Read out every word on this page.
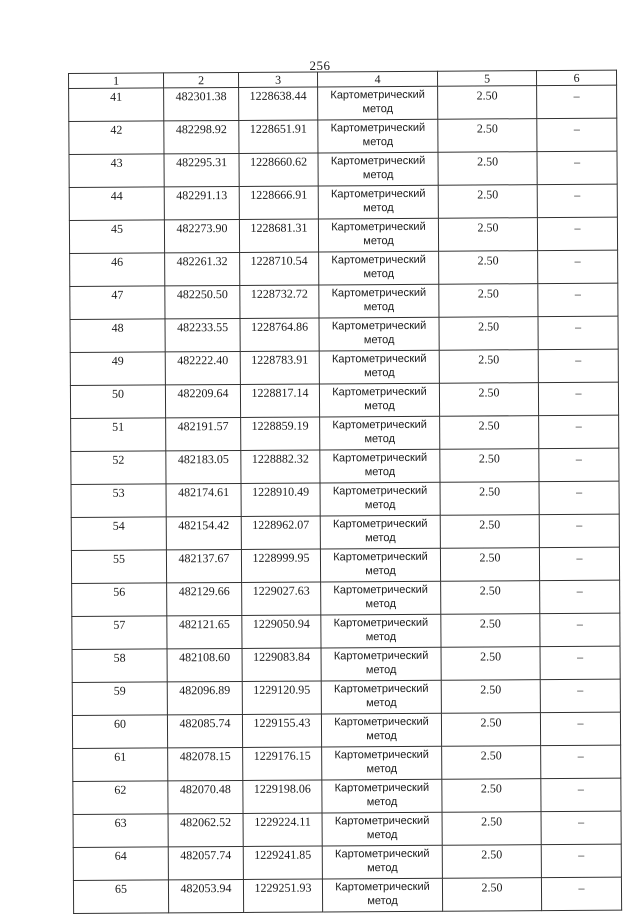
256
1	2	3	4	5	6
41	482301.38	1228638.44	Картометрический метод	2.50	–
42	482298.92	1228651.91	Картометрический метод	2.50	–
43	482295.31	1228660.62	Картометрический метод	2.50	–
44	482291.13	1228666.91	Картометрический метод	2.50	–
45	482273.90	1228681.31	Картометрический метод	2.50	–
46	482261.32	1228710.54	Картометрический метод	2.50	–
47	482250.50	1228732.72	Картометрический метод	2.50	–
48	482233.55	1228764.86	Картометрический метод	2.50	–
49	482222.40	1228783.91	Картометрический метод	2.50	–
50	482209.64	1228817.14	Картометрический метод	2.50	–
51	482191.57	1228859.19	Картометрический метод	2.50	–
52	482183.05	1228882.32	Картометрический метод	2.50	–
53	482174.61	1228910.49	Картометрический метод	2.50	–
54	482154.42	1228962.07	Картометрический метод	2.50	–
55	482137.67	1228999.95	Картометрический метод	2.50	–
56	482129.66	1229027.63	Картометрический метод	2.50	–
57	482121.65	1229050.94	Картометрический метод	2.50	–
58	482108.60	1229083.84	Картометрический метод	2.50	–
59	482096.89	1229120.95	Картометрический метод	2.50	–
60	482085.74	1229155.43	Картометрический метод	2.50	–
61	482078.15	1229176.15	Картометрический метод	2.50	–
62	482070.48	1229198.06	Картометрический метод	2.50	–
63	482062.52	1229224.11	Картометрический метод	2.50	–
64	482057.74	1229241.85	Картометрический метод	2.50	–
65	482053.94	1229251.93	Картометрический метод	2.50	–
